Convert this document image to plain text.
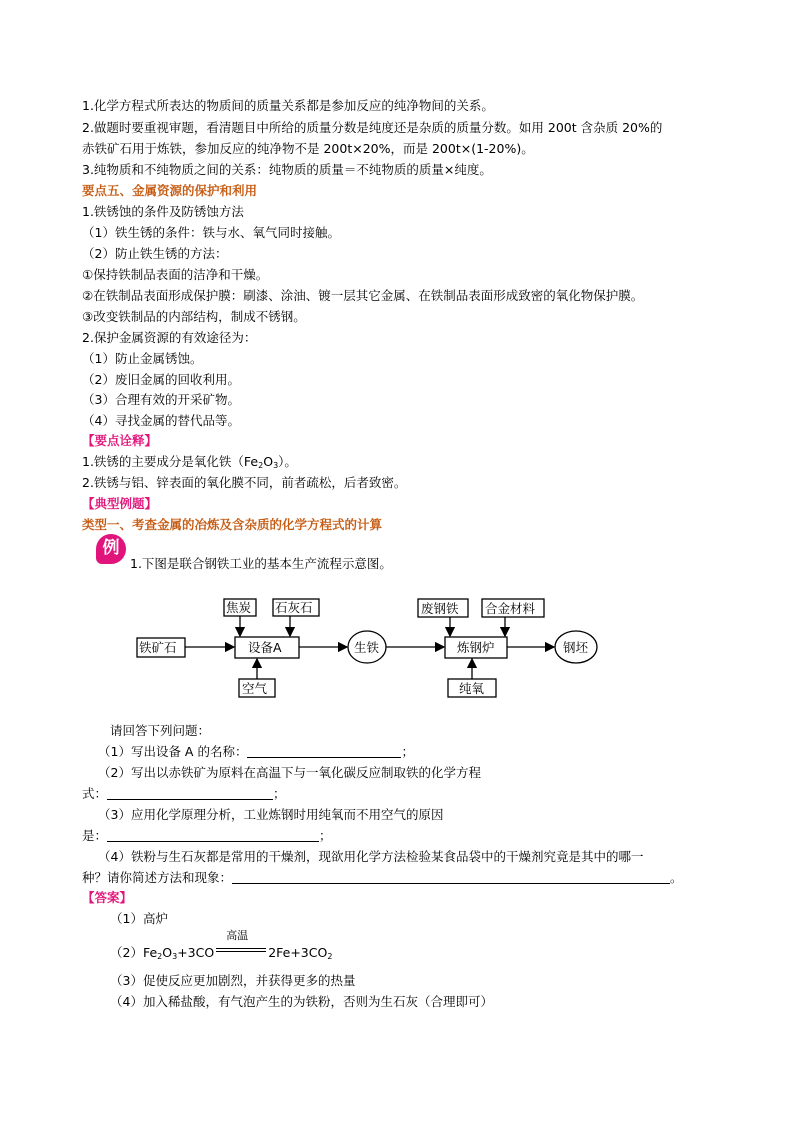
1.化学方程式所表达的物质间的质量关系都是参加反应的纯净物间的关系。
2.做题时要重视审题，看清题目中所给的质量分数是纯度还是杂质的质量分数。如用 200t 含杂质 20%的
赤铁矿石用于炼铁，参加反应的纯净物不是 200t×20%，而是 200t×(1-20%)。
3.纯物质和不纯物质之间的关系：纯物质的质量＝不纯物质的质量×纯度。
要点五、金属资源的保护和利用
1.铁锈蚀的条件及防锈蚀方法
（1）铁生锈的条件：铁与水、氧气同时接触。
（2）防止铁生锈的方法：
①保持铁制品表面的洁净和干燥。
②在铁制品表面形成保护膜：刷漆、涂油、镀一层其它金属、在铁制品表面形成致密的氧化物保护膜。
③改变铁制品的内部结构，制成不锈钢。
2.保护金属资源的有效途径为：
（1）防止金属锈蚀。
（2）废旧金属的回收利用。
（3）合理有效的开采矿物。
（4）寻找金属的替代品等。
【要点诠释】
1.铁锈的主要成分是氧化铁$(Fe_2O_3)$。
2.铁锈与铝、锌表面的氧化膜不同，前者疏松，后者致密。
【典型例题】
类型一、考查金属的冶炼及含杂质的化学方程式的计算
例
1.下图是联合钢铁工业的基本生产流程示意图。
焦炭 石灰石
铁矿石	设备A
空气
生铁
废钢铁 合金材料
炼钢炉
纯氧
钢坯
请回答下列问题：
（1）写出设备 A 的名称：	；
（2）写出以赤铁矿为原料在高温下与一氧化碳反应制取铁的化学方程
式：	；
（3）应用化学原理分析，工业炼钢时用纯氧而不用空气的原因
是：	；
（4）铁粉与生石灰都是常用的干燥剂，现欲用化学方法检验某食品袋中的干燥剂究竟是其中的哪一
种？请你简述方法和现象：	。
【答案】
（1）高炉
$(2)Fe_2O_3+3CO$
高温
$2Fe+3CO_2$
（3）促使反应更加剧烈，并获得更多的热量
（4）加入稀盐酸，有气泡产生的为铁粉，否则为生石灰（合理即可）
